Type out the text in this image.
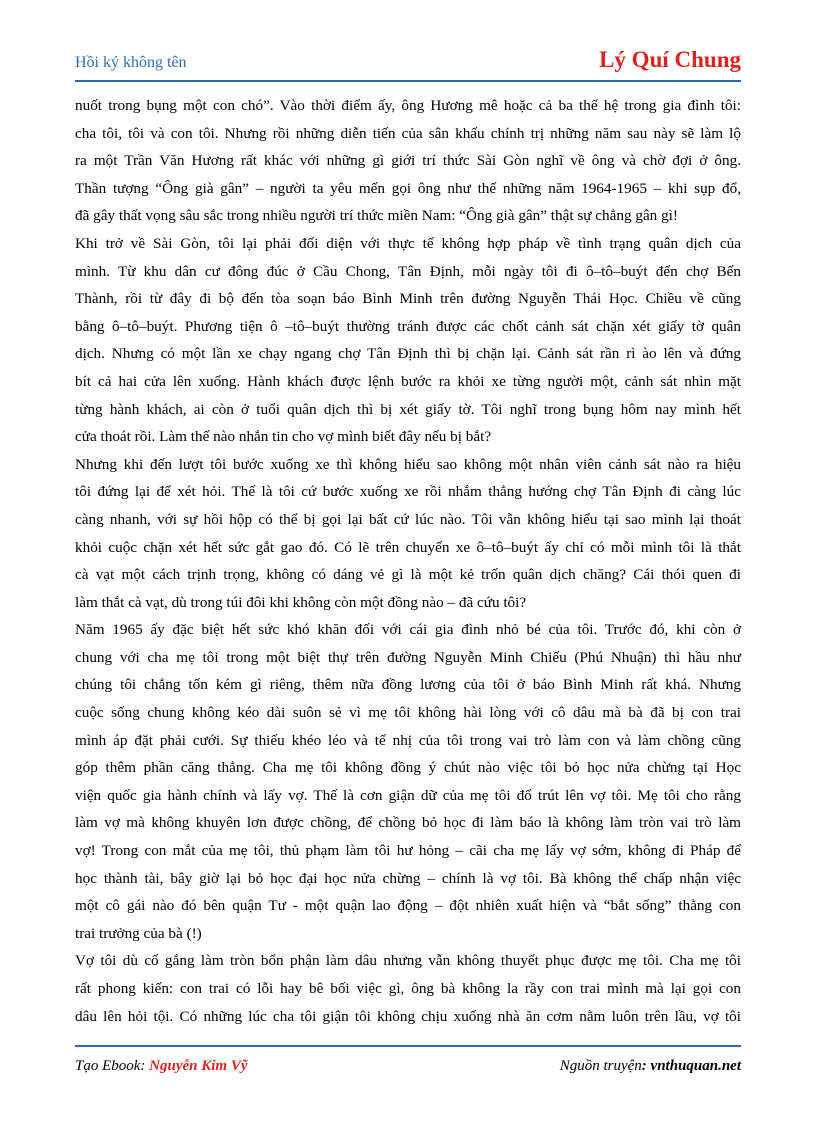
Hồi ký không tên	Lý Quí Chung

nuốt trong bụng một con chó”. Vào thời điểm ấy, ông Hương mê hoặc cả ba thế hệ trong gia đình tôi:
cha tôi, tôi và con tôi. Nhưng rồi những diễn tiến của sân khấu chính trị những năm sau này sẽ làm lộ
ra một Trần Văn Hương rất khác với những gì giới trí thức Sài Gòn nghĩ về ông và chờ đợi ở ông.
Thần tượng “Ông già gân” – người ta yêu mến gọi ông như thế những năm 1964-1965 – khi sụp đổ,
đã gây thất vọng sâu sắc trong nhiều người trí thức miền Nam: “Ông già gân” thật sự chẳng gân gì!

Khi trở về Sài Gòn, tôi lại phải đối diện với thực tế không hợp pháp về tình trạng quân dịch của
mình. Từ khu dân cư đông đúc ở Cầu Chong, Tân Định, mỗi ngày tôi đi ô–tô–buýt đến chợ Bến
Thành, rồi từ đây đi bộ đến tòa soạn báo Bình Minh trên đường Nguyễn Thái Học. Chiều về cũng
bằng ô–tô–buýt. Phương tiện ô –tô–buýt thường tránh được các chốt cảnh sát chặn xét giấy tờ quân
dịch. Nhưng có một lần xe chạy ngang chợ Tân Định thì bị chặn lại. Cảnh sát rần rì ào lên và đứng
bít cả hai cửa lên xuống. Hành khách được lệnh bước ra khỏi xe từng người một, cảnh sát nhìn mặt
từng hành khách, ai còn ở tuổi quân dịch thì bị xét giấy tờ. Tôi nghĩ trong bụng hôm nay mình hết
cửa thoát rồi. Làm thế nào nhắn tin cho vợ mình biết đây nếu bị bắt?

Nhưng khi đến lượt tôi bước xuống xe thì không hiểu sao không một nhân viên cảnh sát nào ra hiệu
tôi đứng lại để xét hỏi. Thế là tôi cứ bước xuống xe rồi nhắm thẳng hướng chợ Tân Định đi càng lúc
càng nhanh, với sự hồi hộp có thể bị gọi lại bất cứ lúc nào. Tôi vẫn không hiểu tại sao mình lại thoát
khỏi cuộc chặn xét hết sức gắt gao đó. Có lẽ trên chuyến xe ô–tô–buýt ấy chỉ có mỗi mình tôi là thắt
cà vạt một cách trịnh trọng, không có dáng vẻ gì là một kẻ trốn quân dịch chăng? Cái thói quen đi
làm thắt cà vạt, dù trong túi đôi khi không còn một đồng nào – đã cứu tôi?

Năm 1965 ấy đặc biệt hết sức khó khăn đối với cái gia đình nhỏ bé của tôi. Trước đó, khi còn ở
chung với cha mẹ tôi trong một biệt thự trên đường Nguyễn Minh Chiếu (Phú Nhuận) thì hầu như
chúng tôi chẳng tốn kém gì riêng, thêm nữa đồng lương của tôi ở báo Bình Minh rất khá. Nhưng
cuộc sống chung không kéo dài suôn sẻ vì mẹ tôi không hài lòng với cô dâu mà bà đã bị con trai
mình áp đặt phải cưới. Sự thiếu khéo léo và tế nhị của tôi trong vai trò làm con và làm chồng cũng
góp thêm phần căng thẳng. Cha mẹ tôi không đồng ý chút nào việc tôi bỏ học nửa chừng tại Học
viện quốc gia hành chính và lấy vợ. Thế là cơn giận dữ của mẹ tôi đổ trút lên vợ tôi. Mẹ tôi cho rằng
làm vợ mà không khuyên lơn được chồng, để chồng bỏ học đi làm báo là không làm tròn vai trò làm
vợ! Trong con mắt của mẹ tôi, thủ phạm làm tôi hư hỏng – cãi cha mẹ lấy vợ sớm, không đi Pháp để
học thành tài, bây giờ lại bỏ học đại học nửa chừng – chính là vợ tôi. Bà không thể chấp nhận việc
một cô gái nào đó bên quận Tư - một quận lao động – đột nhiên xuất hiện và “bắt sống” thằng con
trai trưởng của bà (!)

Vợ tôi dù cố gắng làm tròn bổn phận làm dâu nhưng vẫn không thuyết phục được mẹ tôi. Cha mẹ tôi
rất phong kiến: con trai có lỗi hay bê bối việc gì, ông bà không la rầy con trai mình mà lại gọi con
dâu lên hỏi tội. Có những lúc cha tôi giận tôi không chịu xuống nhà ăn cơm nằm luôn trên lầu, vợ tôi

Tạo Ebook: Nguyễn Kim Vỹ	Nguồn truyện: vnthuquan.net
